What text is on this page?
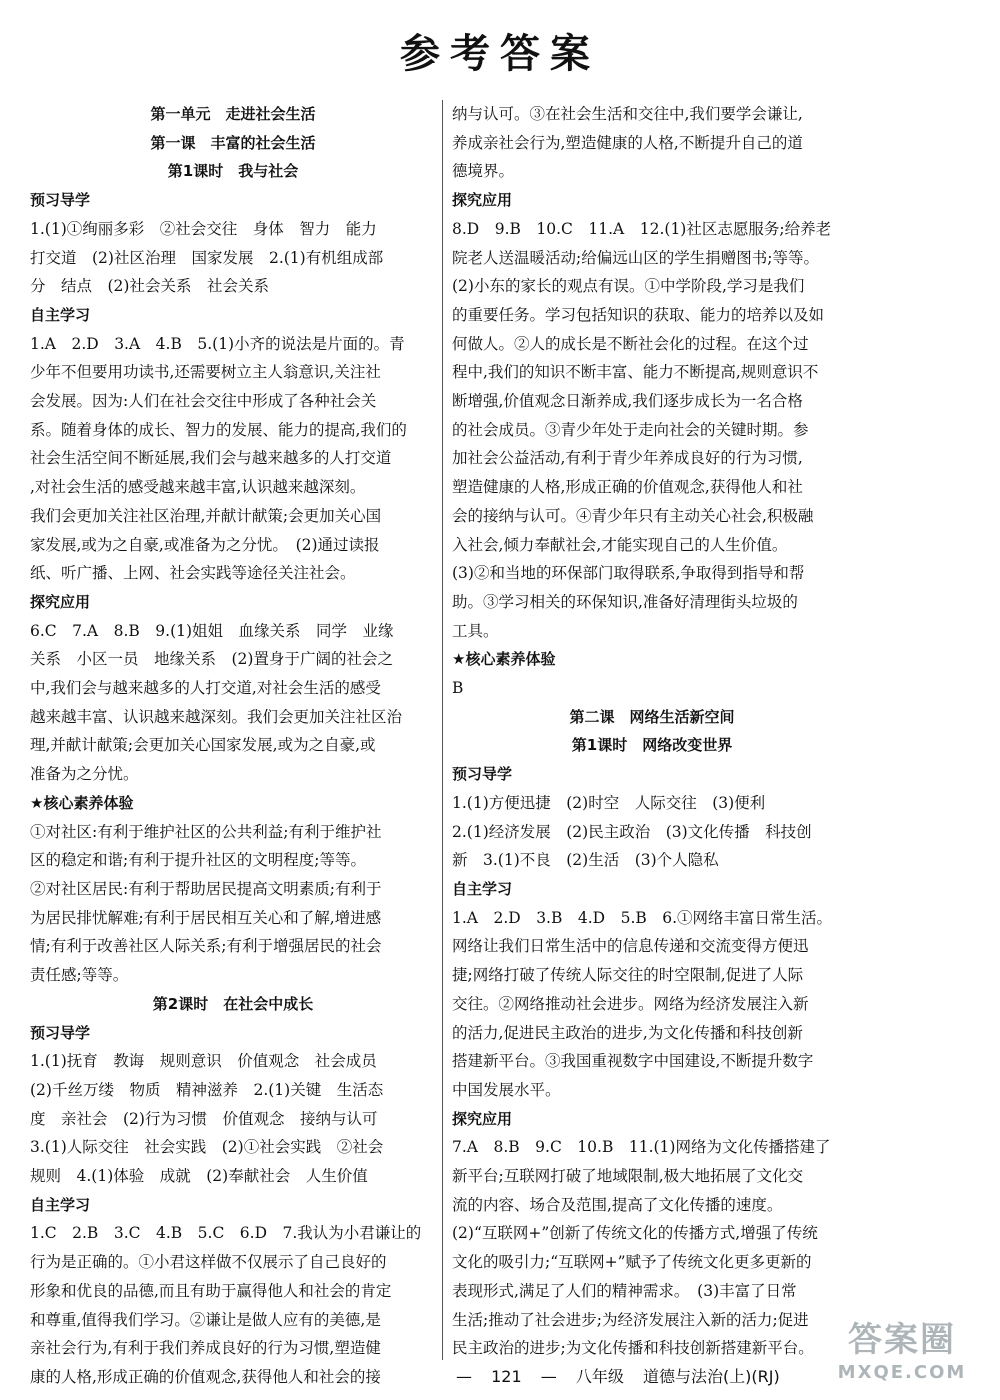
参考答案
第一单元　走进社会生活
第一课　丰富的社会生活
第1课时　我与社会
预习导学
1.(1)①绚丽多彩　②社会交往　身体　智力　能力
打交道　(2)社区治理　国家发展　2.(1)有机组成部
分　结点　(2)社会关系　社会关系
自主学习
1.A　2.D　3.A　4.B　5.(1)小齐的说法是片面的。青
少年不但要用功读书,还需要树立主人翁意识,关注社
会发展。因为:人们在社会交往中形成了各种社会关
系。随着身体的成长、智力的发展、能力的提高,我们的
社会生活空间不断延展,我们会与越来越多的人打交道
,对社会生活的感受越来越丰富,认识越来越深刻。
我们会更加关注社区治理,并献计献策;会更加关心国
家发展,或为之自豪,或准备为之分忧。　(2)通过读报
纸、听广播、上网、社会实践等途径关注社会。
探究应用
6.C　7.A　8.B　9.(1)姐姐　血缘关系　同学　业缘
关系　小区一员　地缘关系　(2)置身于广阔的社会之
中,我们会与越来越多的人打交道,对社会生活的感受
越来越丰富、认识越来越深刻。我们会更加关注社区治
理,并献计献策;会更加关心国家发展,或为之自豪,或
准备为之分忧。
★核心素养体验
①对社区:有利于维护社区的公共利益;有利于维护社
区的稳定和谐;有利于提升社区的文明程度;等等。
②对社区居民:有利于帮助居民提高文明素质;有利于
为居民排忧解难;有利于居民相互关心和了解,增进感
情;有利于改善社区人际关系;有利于增强居民的社会
责任感;等等。
第2课时　在社会中成长
预习导学
1.(1)抚育　教诲　规则意识　价值观念　社会成员
(2)千丝万缕　物质　精神滋养　2.(1)关键　生活态
度　亲社会　(2)行为习惯　价值观念　接纳与认可
3.(1)人际交往　社会实践　(2)①社会实践　②社会
规则　4.(1)体验　成就　(2)奉献社会　人生价值
自主学习
1.C　2.B　3.C　4.B　5.C　6.D　7.我认为小君谦让的
行为是正确的。①小君这样做不仅展示了自己良好的
形象和优良的品德,而且有助于赢得他人和社会的肯定
和尊重,值得我们学习。②谦让是做人应有的美德,是
亲社会行为,有利于我们养成良好的行为习惯,塑造健
康的人格,形成正确的价值观念,获得他人和社会的接
纳与认可。③在社会生活和交往中,我们要学会谦让,
养成亲社会行为,塑造健康的人格,不断提升自己的道
德境界。
探究应用
8.D　9.B　10.C　11.A　12.(1)社区志愿服务;给养老
院老人送温暖活动;给偏远山区的学生捐赠图书;等等。
(2)小东的家长的观点有误。①中学阶段,学习是我们
的重要任务。学习包括知识的获取、能力的培养以及如
何做人。②人的成长是不断社会化的过程。在这个过
程中,我们的知识不断丰富、能力不断提高,规则意识不
断增强,价值观念日渐养成,我们逐步成长为一名合格
的社会成员。③青少年处于走向社会的关键时期。参
加社会公益活动,有利于青少年养成良好的行为习惯,
塑造健康的人格,形成正确的价值观念,获得他人和社
会的接纳与认可。④青少年只有主动关心社会,积极融
入社会,倾力奉献社会,才能实现自己的人生价值。
(3)②和当地的环保部门取得联系,争取得到指导和帮
助。③学习相关的环保知识,准备好清理街头垃圾的
工具。
★核心素养体验
B
第二课　网络生活新空间
第1课时　网络改变世界
预习导学
1.(1)方便迅捷　(2)时空　人际交往　(3)便利
2.(1)经济发展　(2)民主政治　(3)文化传播　科技创
新　3.(1)不良　(2)生活　(3)个人隐私
自主学习
1.A　2.D　3.B　4.D　5.B　6.①网络丰富日常生活。
网络让我们日常生活中的信息传递和交流变得方便迅
捷;网络打破了传统人际交往的时空限制,促进了人际
交往。②网络推动社会进步。网络为经济发展注入新
的活力,促进民主政治的进步,为文化传播和科技创新
搭建新平台。③我国重视数字中国建设,不断提升数字
中国发展水平。
探究应用
7.A　8.B　9.C　10.B　11.(1)网络为文化传播搭建了
新平台;互联网打破了地域限制,极大地拓展了文化交
流的内容、场合及范围,提高了文化传播的速度。
(2)“互联网+”创新了传统文化的传播方式,增强了传统
文化的吸引力;“互联网+”赋予了传统文化更多更新的
表现形式,满足了人们的精神需求。　(3)丰富了日常
生活;推动了社会进步;为经济发展注入新的活力;促进
民主政治的进步;为文化传播和科技创新搭建新平台。
— 121 — 八年级 道德与法治(上)(RJ)
答案圈
MXQE.COM
